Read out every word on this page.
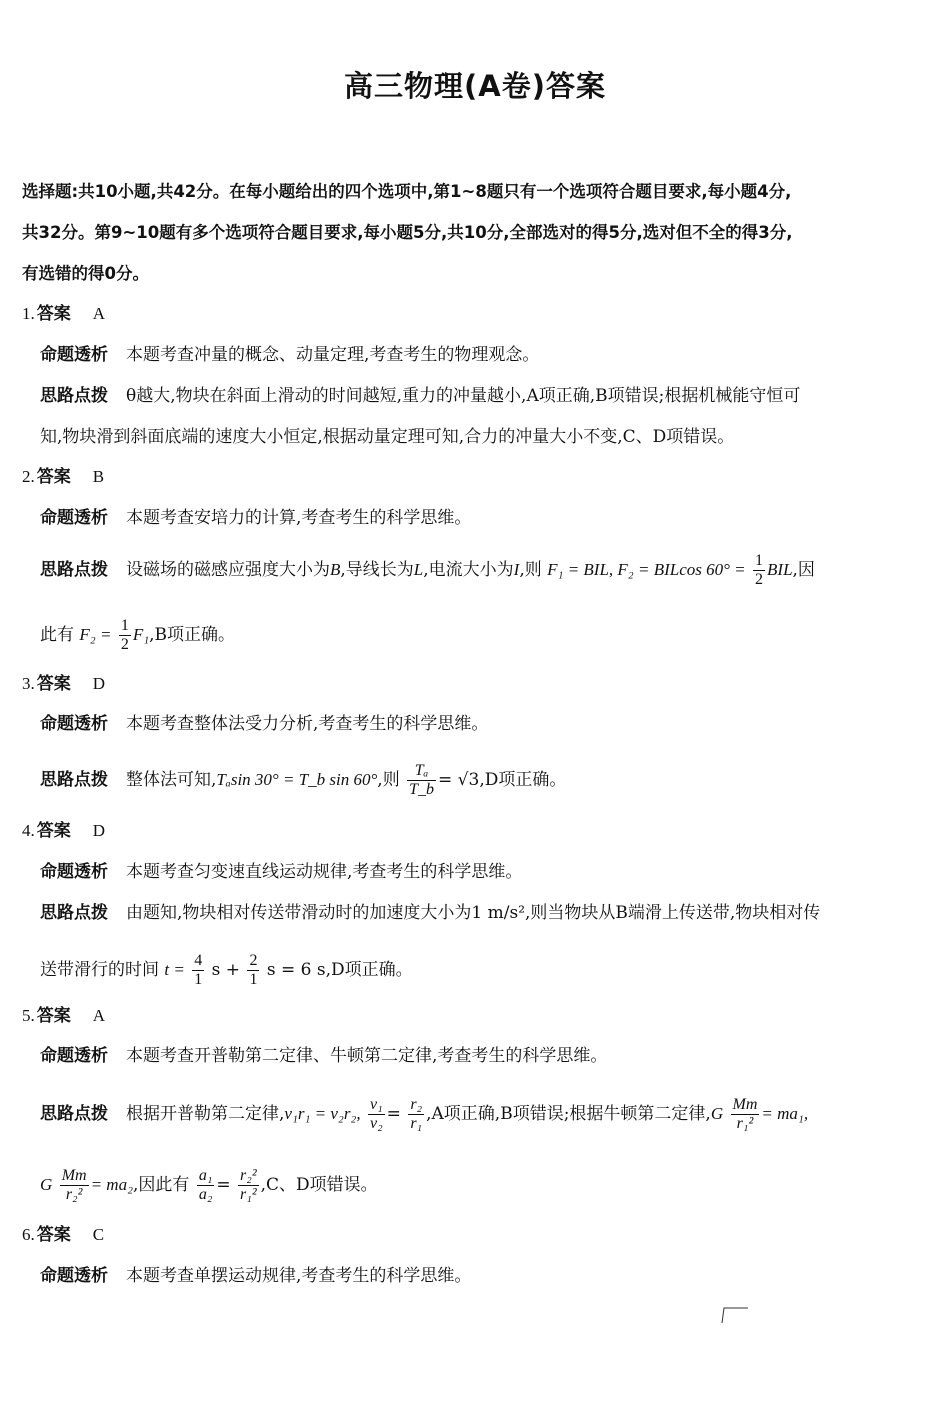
高三物理(A卷)答案
选择题:共10小题,共42分。在每小题给出的四个选项中,第1~8题只有一个选项符合题目要求,每小题4分,
共32分。第9~10题有多个选项符合题目要求,每小题5分,共10分,全部选对的得5分,选对但不全的得3分,
有选错的得0分。
1. 答案 A
命题透析 本题考查冲量的概念、动量定理,考查考生的物理观念。
思路点拨 θ越大,物块在斜面上滑动的时间越短,重力的冲量越小,A项正确,B项错误;根据机械能守恒可
知,物块滑到斜面底端的速度大小恒定,根据动量定理可知,合力的冲量大小不变,C、D项错误。
2. 答案 B
命题透析 本题考查安培力的计算,考查考生的科学思维。
思路点拨 设磁场的磁感应强度大小为B,导线长为L,电流大小为I,则 F₁ = BIL, F₂ = BILcos $60^\circ = \frac{1}{2}$ BIL,因
此有 $F_2 = \frac{1}{2} F_1,B$项正确。
3. 答案 D
命题透析 本题考查整体法受力分析,考查考生的科学思维。
思路点拨 整体法可知,Tₐsin 30° = T_b sin 60°,则 $\frac{\text{Tₐ}}{T\_b} = √3,D$项正确。
4. 答案 D
命题透析 本题考查匀变速直线运动规律,考查考生的科学思维。
思路点拨 由题知,物块相对传送带滑动时的加速度大小为1 m/s²,则当物块从B端滑上传送带,物块相对传
送带滑行的时间 $t = \frac{4}{1}$ $s + \frac{2}{1}$ s = 6 s,D项正确。
5. 答案 A
命题透析 本题考查开普勒第二定律、牛顿第二定律,考查考生的科学思维。
思路点拨 根据开普勒第二定律,v₁r₁ = v₂r₂, $\frac{\text{v₁}}{\text{v₂}} = \frac{\text{r₂}}{\text{r₁}} ,A$项正确,B项错误;根据牛顿第二定律$,G \frac{Mm}{\text{r₁²}} = ma_1$,
G $\frac{Mm}{\text{r₂²}} = ma_2$,因此有 $\frac{\text{a₁}}{\text{a₂}} = \frac{\text{r₂²}}{\text{r₁²}} ,C$、D项错误。
6. 答案 C
命题透析 本题考查单摆运动规律,考查考生的科学思维。
